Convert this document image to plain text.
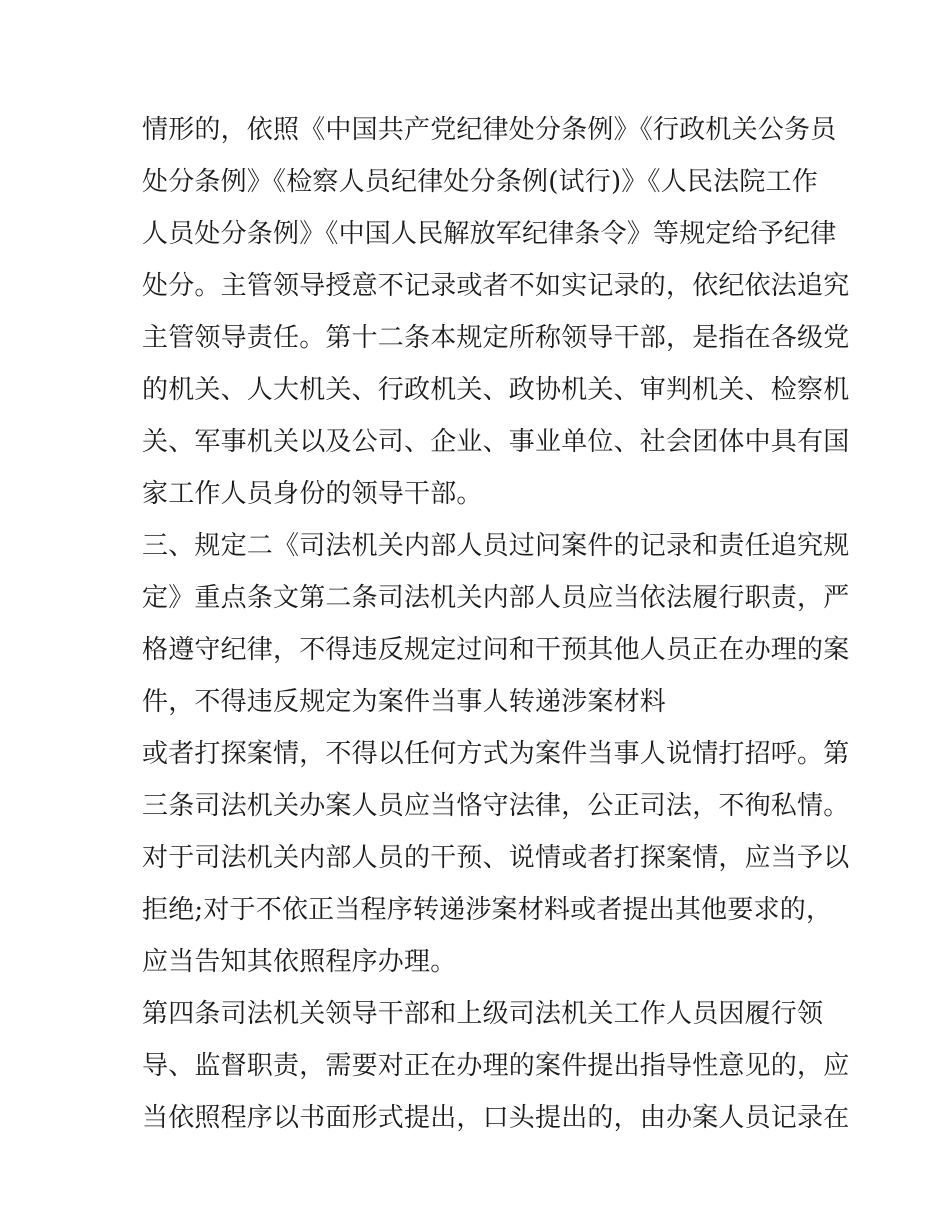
情形的，依照《中国共产党纪律处分条例》《行政机关公务员

处分条例》《检察人员纪律处分条例(试行)》《人民法院工作

人员处分条例》《中国人民解放军纪律条令》等规定给予纪律

处分。主管领导授意不记录或者不如实记录的，依纪依法追究

主管领导责任。第十二条本规定所称领导干部，是指在各级党

的机关、人大机关、行政机关、政协机关、审判机关、检察机

关、军事机关以及公司、企业、事业单位、社会团体中具有国

家工作人员身份的领导干部。

三、规定二《司法机关内部人员过问案件的记录和责任追究规

定》重点条文第二条司法机关内部人员应当依法履行职责，严

格遵守纪律，不得违反规定过问和干预其他人员正在办理的案

件，不得违反规定为案件当事人转递涉案材料

或者打探案情，不得以任何方式为案件当事人说情打招呼。第

三条司法机关办案人员应当恪守法律，公正司法，不徇私情。

对于司法机关内部人员的干预、说情或者打探案情，应当予以

拒绝;对于不依正当程序转递涉案材料或者提出其他要求的，

应当告知其依照程序办理。

第四条司法机关领导干部和上级司法机关工作人员因履行领

导、监督职责，需要对正在办理的案件提出指导性意见的，应

当依照程序以书面形式提出，口头提出的，由办案人员记录在
